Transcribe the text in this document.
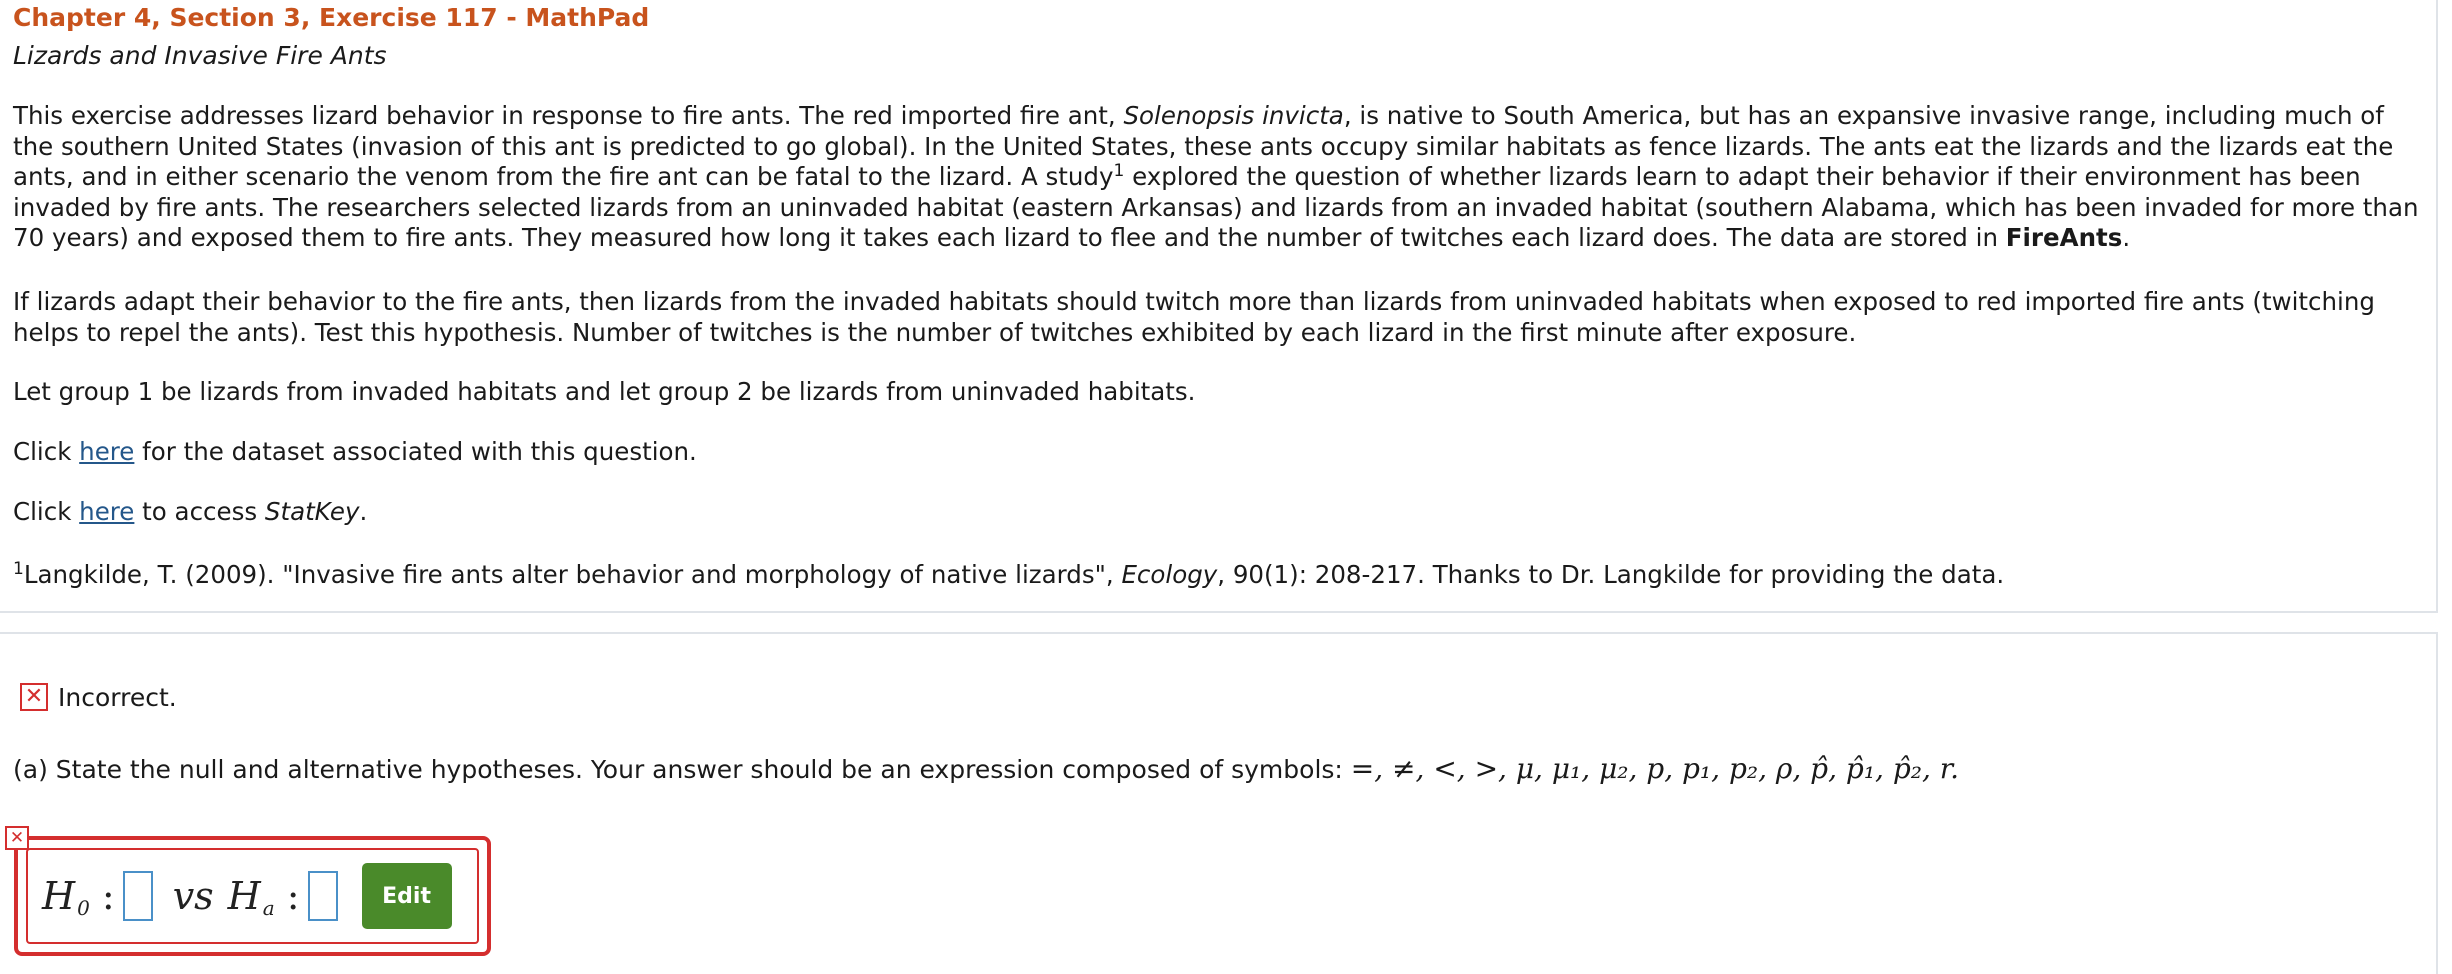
Chapter 4, Section 3, Exercise 117 - MathPad
Lizards and Invasive Fire Ants

This exercise addresses lizard behavior in response to fire ants. The red imported fire ant, Solenopsis invicta, is native to South America, but has an expansive invasive range, including much of the southern United States (invasion of this ant is predicted to go global). In the United States, these ants occupy similar habitats as fence lizards. The ants eat the lizards and the lizards eat the ants, and in either scenario the venom from the fire ant can be fatal to the lizard. A study$^1$ explored the question of whether lizards learn to adapt their behavior if their environment has been invaded by fire ants. The researchers selected lizards from an uninvaded habitat (eastern Arkansas) and lizards from an invaded habitat (southern Alabama, which has been invaded for more than 70 years) and exposed them to fire ants. They measured how long it takes each lizard to flee and the number of twitches each lizard does. The data are stored in FireAnts.

If lizards adapt their behavior to the fire ants, then lizards from the invaded habitats should twitch more than lizards from uninvaded habitats when exposed to red imported fire ants (twitching helps to repel the ants). Test this hypothesis. Number of twitches is the number of twitches exhibited by each lizard in the first minute after exposure.

Let group 1 be lizards from invaded habitats and let group 2 be lizards from uninvaded habitats.

Click here for the dataset associated with this question.

Click here to access StatKey.

$^1$Langkilde, T. (2009). "Invasive fire ants alter behavior and morphology of native lizards", Ecology, 90(1): 208-217. Thanks to Dr. Langkilde for providing the data.

✕ Incorrect.

(a) State the null and alternative hypotheses. Your answer should be an expression composed of symbols: =, ≠, <, >, μ, μ₁, μ₂, p, p₁, p₂, ρ, p̂, p̂₁, p̂₂, r.

✕
H 0 : vs H a :	Edit
